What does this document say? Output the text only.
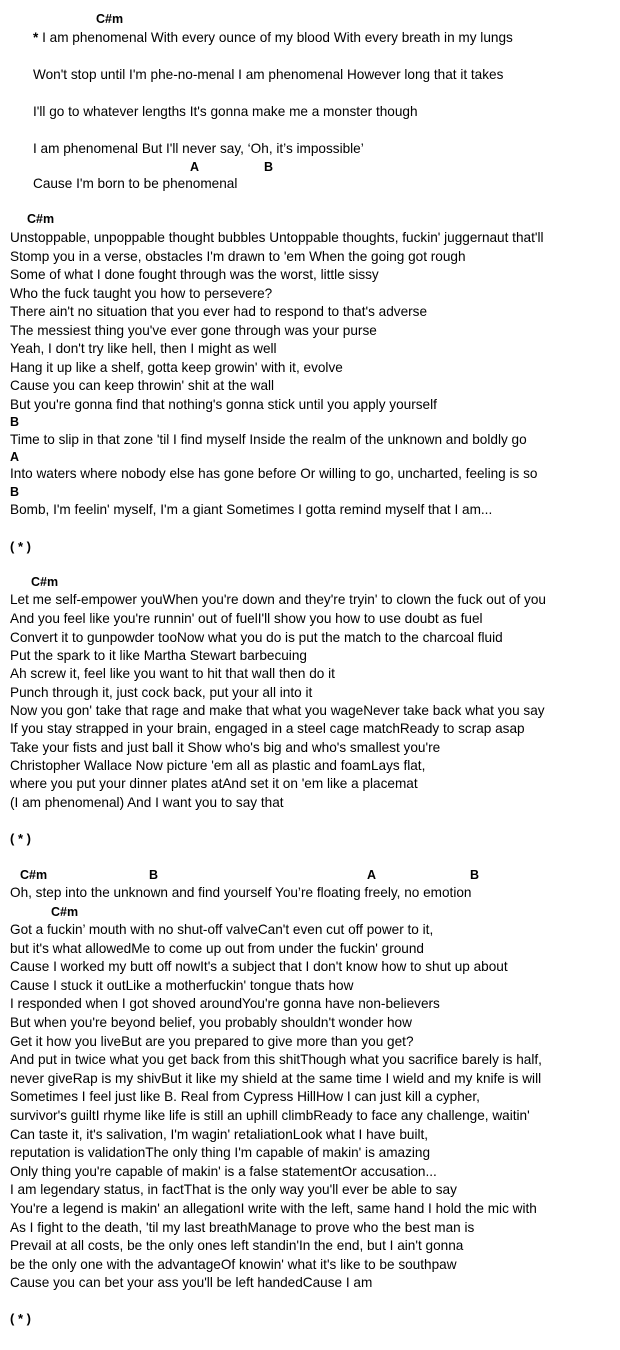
C#m
* I am phenomenal With every ounce of my blood With every breath in my lungs
Won't stop until I'm phe-no-menal I am phenomenal However long that it takes
I'll go to whatever lengths It's gonna make me a monster though
I am phenomenal But I'll never say, ‘Oh, it’s impossible’
A	B
Cause I'm born to be phenomenal
C#m
Unstoppable, unpoppable thought bubbles Untoppable thoughts, fuckin' juggernaut that'll
Stomp you in a verse, obstacles I'm drawn to 'em When the going got rough
Some of what I done fought through was the worst, little sissy
Who the fuck taught you how to persevere?
There ain't no situation that you ever had to respond to that's adverse
The messiest thing you've ever gone through was your purse
Yeah, I don't try like hell, then I might as well
Hang it up like a shelf, gotta keep growin' with it, evolve
Cause you can keep throwin' shit at the wall
But you're gonna find that nothing's gonna stick until you apply yourself
B
Time to slip in that zone 'til I find myself Inside the realm of the unknown and boldly go
A
Into waters where nobody else has gone before Or willing to go, uncharted, feeling is so
B
Bomb, I'm feelin' myself, I'm a giant Sometimes I gotta remind myself that I am...
( * )
C#m
Let me self-empower youWhen you're down and they're tryin' to clown the fuck out of you
And you feel like you're runnin' out of fuelI'll show you how to use doubt as fuel
Convert it to gunpowder tooNow what you do is put the match to the charcoal fluid
Put the spark to it like Martha Stewart barbecuing
Ah screw it, feel like you want to hit that wall then do it
Punch through it, just cock back, put your all into it
Now you gon' take that rage and make that what you wageNever take back what you say
If you stay strapped in your brain, engaged in a steel cage matchReady to scrap asap
Take your fists and just ball it Show who's big and who's smallest you're
Christopher Wallace Now picture 'em all as plastic and foamLays flat,
where you put your dinner plates atAnd set it on 'em like a placemat
(I am phenomenal) And I want you to say that
( * )
C#m	B	A	B
Oh, step into the unknown and find yourself You’re floating freely, no emotion
C#m
Got a fuckin’ mouth with no shut-off valveCan't even cut off power to it,
but it's what allowedMe to come up out from under the fuckin' ground
Cause I worked my butt off nowIt's a subject that I don't know how to shut up about
Cause I stuck it outLike a motherfuckin' tongue thats how
I responded when I got shoved aroundYou're gonna have non-believers
But when you're beyond belief, you probably shouldn't wonder how
Get it how you liveBut are you prepared to give more than you get?
And put in twice what you get back from this shitThough what you sacrifice barely is half,
never giveRap is my shivBut it like my shield at the same time I wield and my knife is will
Sometimes I feel just like B. Real from Cypress HillHow I can just kill a cypher,
survivor's guiltI rhyme like life is still an uphill climbReady to face any challenge, waitin'
Can taste it, it's salivation, I'm wagin' retaliationLook what I have built,
reputation is validationThe only thing I'm capable of makin' is amazing
Only thing you're capable of makin' is a false statementOr accusation...
I am legendary status, in factThat is the only way you'll ever be able to say
You're a legend is makin' an allegationI write with the left, same hand I hold the mic with
As I fight to the death, 'til my last breathManage to prove who the best man is
Prevail at all costs, be the only ones left standin'In the end, but I ain't gonna
be the only one with the advantageOf knowin' what it's like to be southpaw
Cause you can bet your ass you'll be left handedCause I am
( * )
